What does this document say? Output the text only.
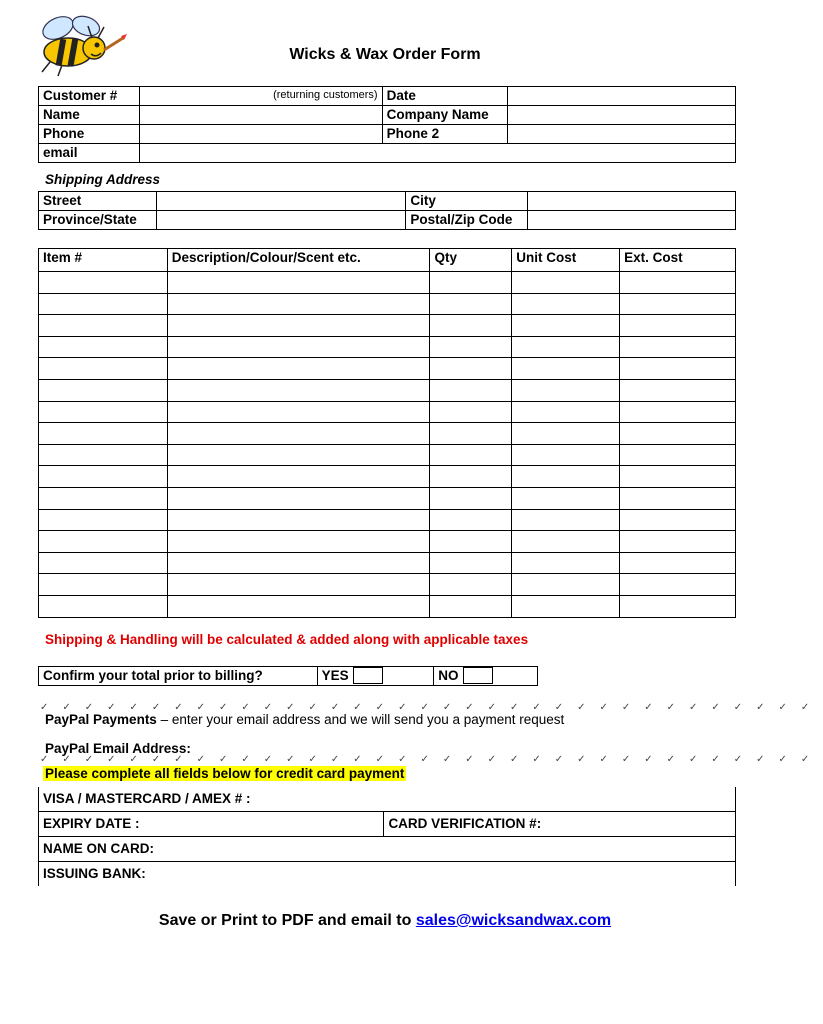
Wicks & Wax Order Form
Customer #	(returning customers)	Date	
Name		Company Name	
Phone		Phone 2	
email			
Shipping Address
Street		City	
Province/State		Postal/Zip Code	
Item #	Description/Colour/Scent etc.	Qty	Unit Cost	Ext. Cost

Shipping & Handling will be calculated & added along with applicable taxes
Confirm your total prior to billing?	YES	NO
✓✓✓✓✓✓✓✓✓✓✓✓✓✓✓✓✓✓✓✓✓✓✓✓✓✓✓✓✓✓✓✓✓✓✓
PayPal Payments – enter your email address and we will send you a payment request
PayPal Email Address:
✓✓✓✓✓✓✓✓✓✓✓✓✓✓✓✓✓✓✓✓✓✓✓✓✓✓✓✓✓✓✓✓✓✓✓
Please complete all fields below for credit card payment
VISA / MASTERCARD / AMEX # :
EXPIRY DATE :	CARD VERIFICATION #:
NAME ON CARD:
ISSUING BANK:
Save or Print to PDF and email to sales@wicksandwax.com
